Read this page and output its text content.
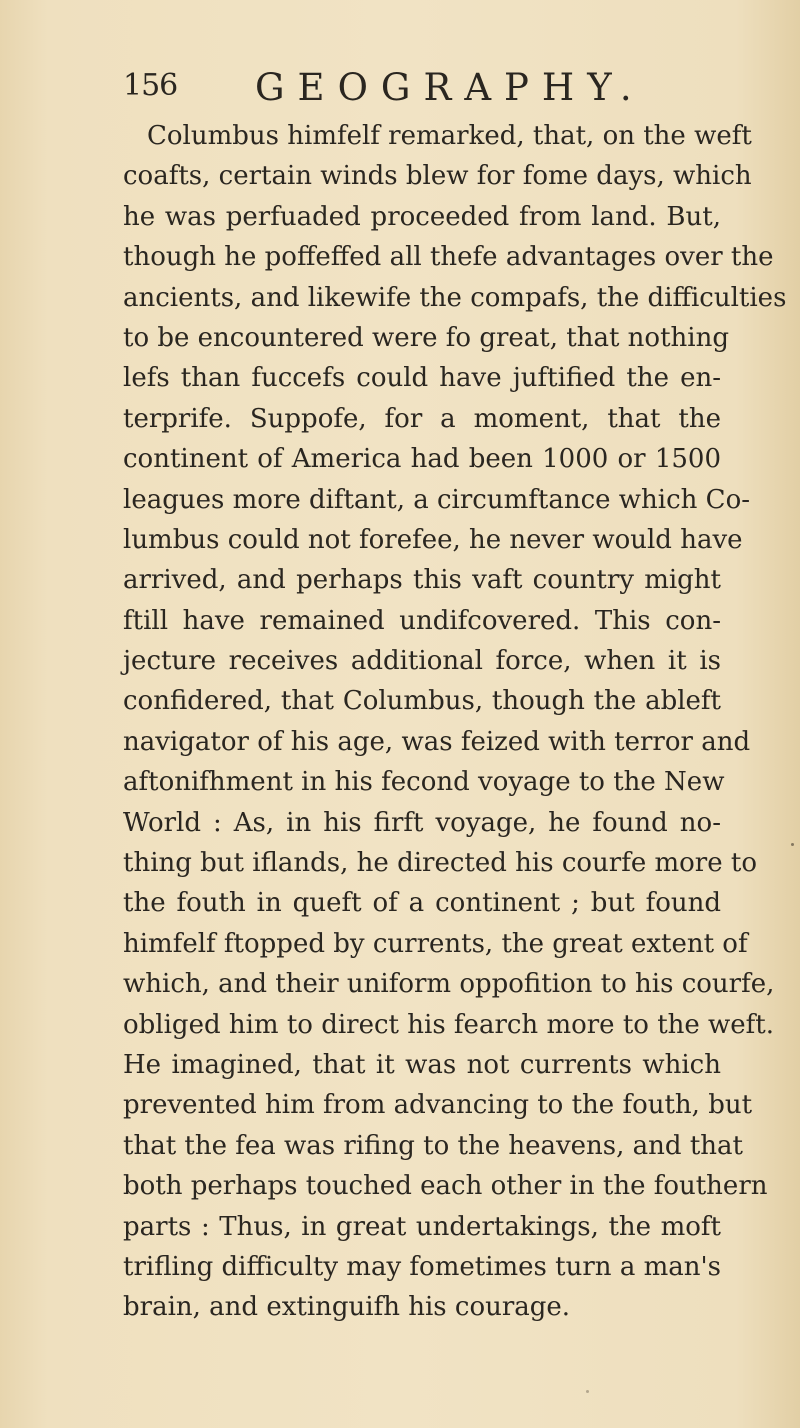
156 GEOGRAPHY.
Columbus himfelf remarked, that, on the weft
coafts, certain winds blew for fome days, which
he was perfuaded proceeded from land. But,
though he poffeffed all thefe advantages over the
ancients, and likewife the compafs, the difficulties
to be encountered were fo great, that nothing
lefs than fuccefs could have juftified the en-
terprife. Suppofe, for a moment, that the
continent of America had been 1000 or 1500
leagues more diftant, a circumftance which Co-
lumbus could not forefee, he never would have
arrived, and perhaps this vaft country might
ftill have remained undifcovered. This con-
jecture receives additional force, when it is
confidered, that Columbus, though the ableft
navigator of his age, was feized with terror and
aftonifhment in his fecond voyage to the New
World : As, in his firft voyage, he found no-
thing but iflands, he directed his courfe more to
the fouth in queft of a continent ; but found
himfelf ftopped by currents, the great extent of
which, and their uniform oppofition to his courfe,
obliged him to direct his fearch more to the weft.
He imagined, that it was not currents which
prevented him from advancing to the fouth, but
that the fea was rifing to the heavens, and that
both perhaps touched each other in the fouthern
parts : Thus, in great undertakings, the moft
trifling difficulty may fometimes turn a man's
brain, and extinguifh his courage.
